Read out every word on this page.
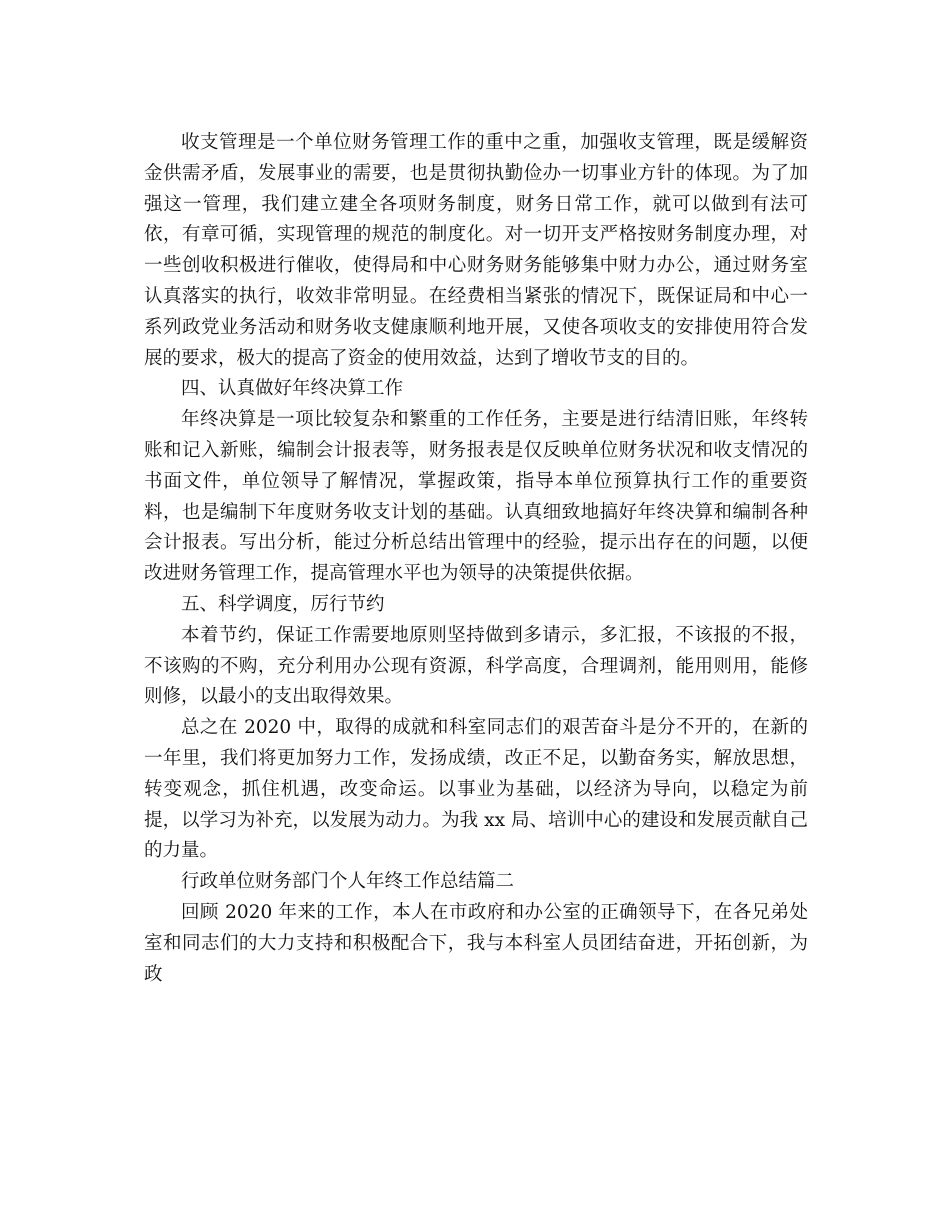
收支管理是一个单位财务管理工作的重中之重，加强收支管理，既是缓解资金供需矛盾，发展事业的需要，也是贯彻执勤俭办一切事业方针的体现。为了加强这一管理，我们建立建全各项财务制度，财务日常工作，就可以做到有法可依，有章可循，实现管理的规范的制度化。对一切开支严格按财务制度办理，对一些创收积极进行催收，使得局和中心财务财务能够集中财力办公，通过财务室认真落实的执行，收效非常明显。在经费相当紧张的情况下，既保证局和中心一系列政党业务活动和财务收支健康顺利地开展，又使各项收支的安排使用符合发展的要求，极大的提高了资金的使用效益，达到了增收节支的目的。

四、认真做好年终决算工作

年终决算是一项比较复杂和繁重的工作任务，主要是进行结清旧账，年终转账和记入新账，编制会计报表等，财务报表是仅反映单位财务状况和收支情况的书面文件，单位领导了解情况，掌握政策，指导本单位预算执行工作的重要资料，也是编制下年度财务收支计划的基础。认真细致地搞好年终决算和编制各种会计报表。写出分析，能过分析总结出管理中的经验，提示出存在的问题，以便改进财务管理工作，提高管理水平也为领导的决策提供依据。

五、科学调度，厉行节约

本着节约，保证工作需要地原则坚持做到多请示，多汇报，不该报的不报，不该购的不购，充分利用办公现有资源，科学高度，合理调剂，能用则用，能修则修，以最小的支出取得效果。

总之在 2020 中，取得的成就和科室同志们的艰苦奋斗是分不开的，在新的一年里，我们将更加努力工作，发扬成绩，改正不足，以勤奋务实，解放思想，转变观念，抓住机遇，改变命运。以事业为基础，以经济为导向，以稳定为前提，以学习为补充，以发展为动力。为我 xx 局、培训中心的建设和发展贡献自己的力量。

行政单位财务部门个人年终工作总结篇二

回顾 2020 年来的工作，本人在市政府和办公室的正确领导下，在各兄弟处室和同志们的大力支持和积极配合下，我与本科室人员团结奋进，开拓创新，为政
